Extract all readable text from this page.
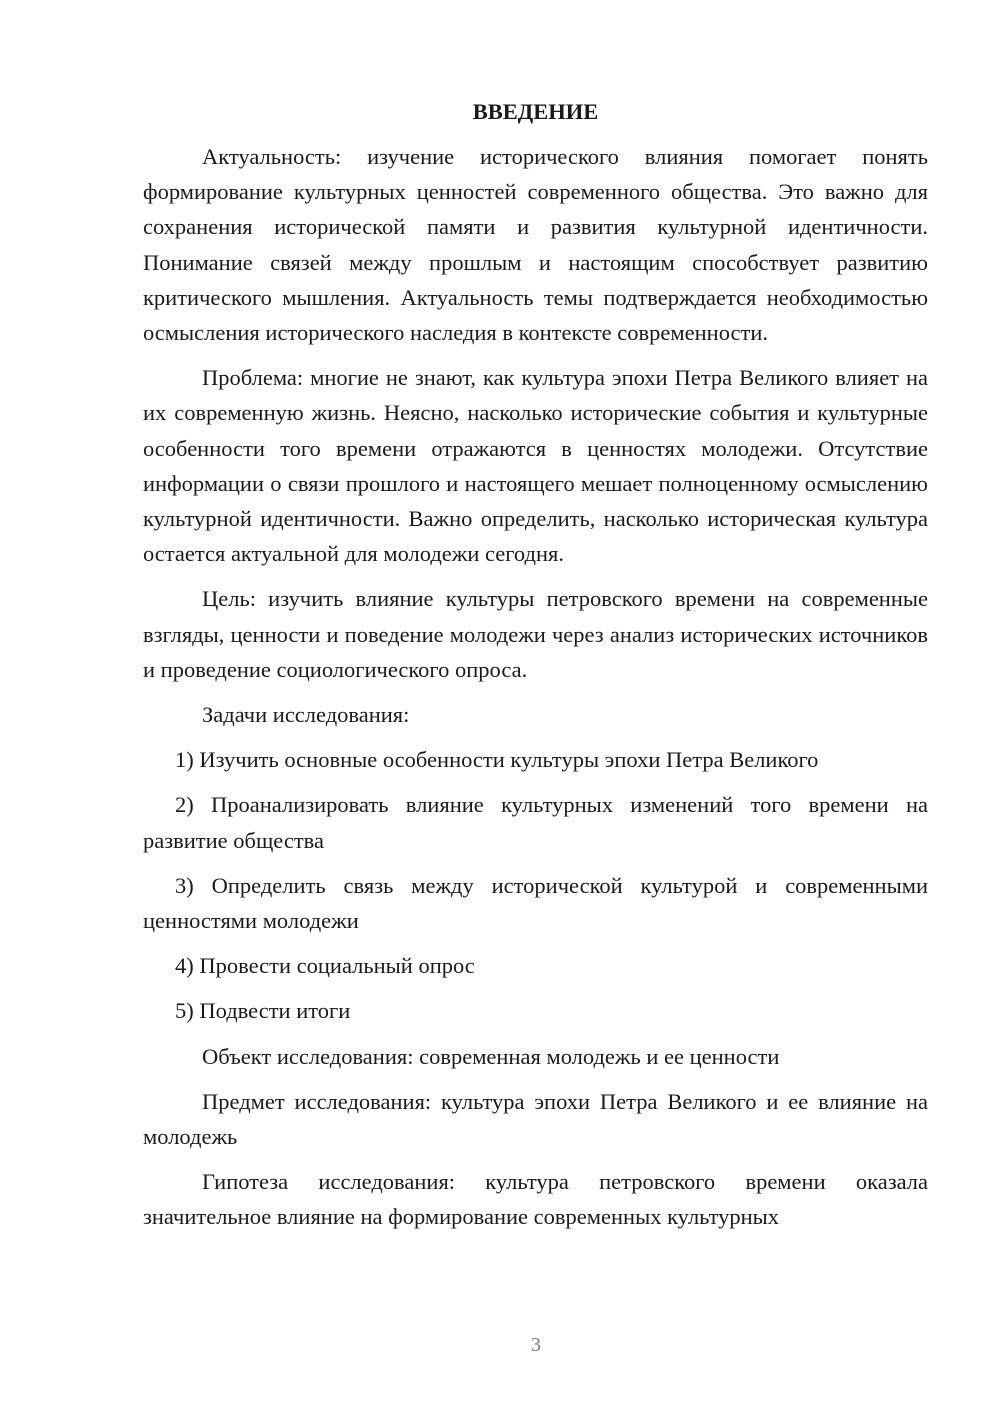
ВВЕДЕНИЕ

Актуальность: изучение исторического влияния помогает понять формирование культурных ценностей современного общества. Это важно для сохранения исторической памяти и развития культурной идентичности. Понимание связей между прошлым и настоящим способствует развитию критического мышления. Актуальность темы подтверждается необходимостью осмысления исторического наследия в контексте современности.

Проблема: многие не знают, как культура эпохи Петра Великого влияет на их современную жизнь. Неясно, насколько исторические события и культурные особенности того времени отражаются в ценностях молодежи. Отсутствие информации о связи прошлого и настоящего мешает полноценному осмыслению культурной идентичности. Важно определить, насколько историческая культура остается актуальной для молодежи сегодня.

Цель: изучить влияние культуры петровского времени на современные взгляды, ценности и поведение молодежи через анализ исторических источников и проведение социологического опроса.

Задачи исследования:

1) Изучить основные особенности культуры эпохи Петра Великого

2) Проанализировать влияние культурных изменений того времени на развитие общества

3) Определить связь между исторической культурой и современными ценностями молодежи

4) Провести социальный опрос

5) Подвести итоги

Объект исследования: современная молодежь и ее ценности

Предмет исследования: культура эпохи Петра Великого и ее влияние на молодежь

Гипотеза исследования: культура петровского времени оказала значительное влияние на формирование современных культурных

3
